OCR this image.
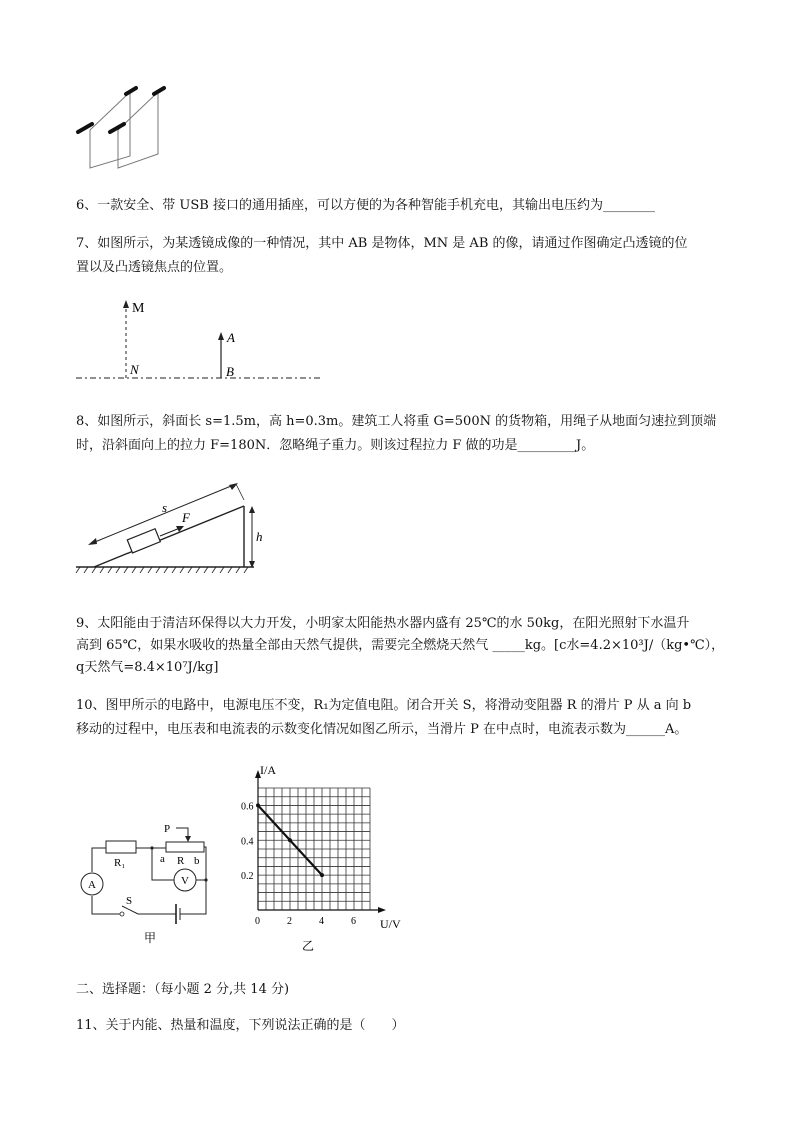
6、一款安全、带 USB 接口的通用插座，可以方便的为各种智能手机充电，其输出电压约为________
7、如图所示，为某透镜成像的一种情况，其中 AB 是物体，MN 是 AB 的像，请通过作图确定凸透镜的位
置以及凸透镜焦点的位置。
M
N
A
B
8、如图所示，斜面长 s=1.5m，高 h=0.3m。建筑工人将重 G=500N 的货物箱，用绳子从地面匀速拉到顶端
时，沿斜面向上的拉力 F=180N．忽略绳子重力。则该过程拉力 F 做的功是_________J。
s
F
h
9、太阳能由于清洁环保得以大力开发，小明家太阳能热水器内盛有 25℃的水 50kg，在阳光照射下水温升
高到 65℃，如果水吸收的热量全部由天然气提供，需要完全燃烧天然气 _____kg。[c水=4.2×10³J/（kg•℃），
q天然气=8.4×10⁷J/kg]
10、图甲所示的电路中，电源电压不变，R₁为定值电阻。闭合开关 S，将滑动变阻器 R 的滑片 P 从 a 向 b
移动的过程中，电压表和电流表的示数变化情况如图乙所示，当滑片 P 在中点时，电流表示数为______A。
R₁
P
a R b
A	V
S
甲
I/A
U/V
0	2	4	6
0.2
0.4
0.6
乙
二、选择题：（每小题 2 分,共 14 分)
11、关于内能、热量和温度，下列说法正确的是（　　）
